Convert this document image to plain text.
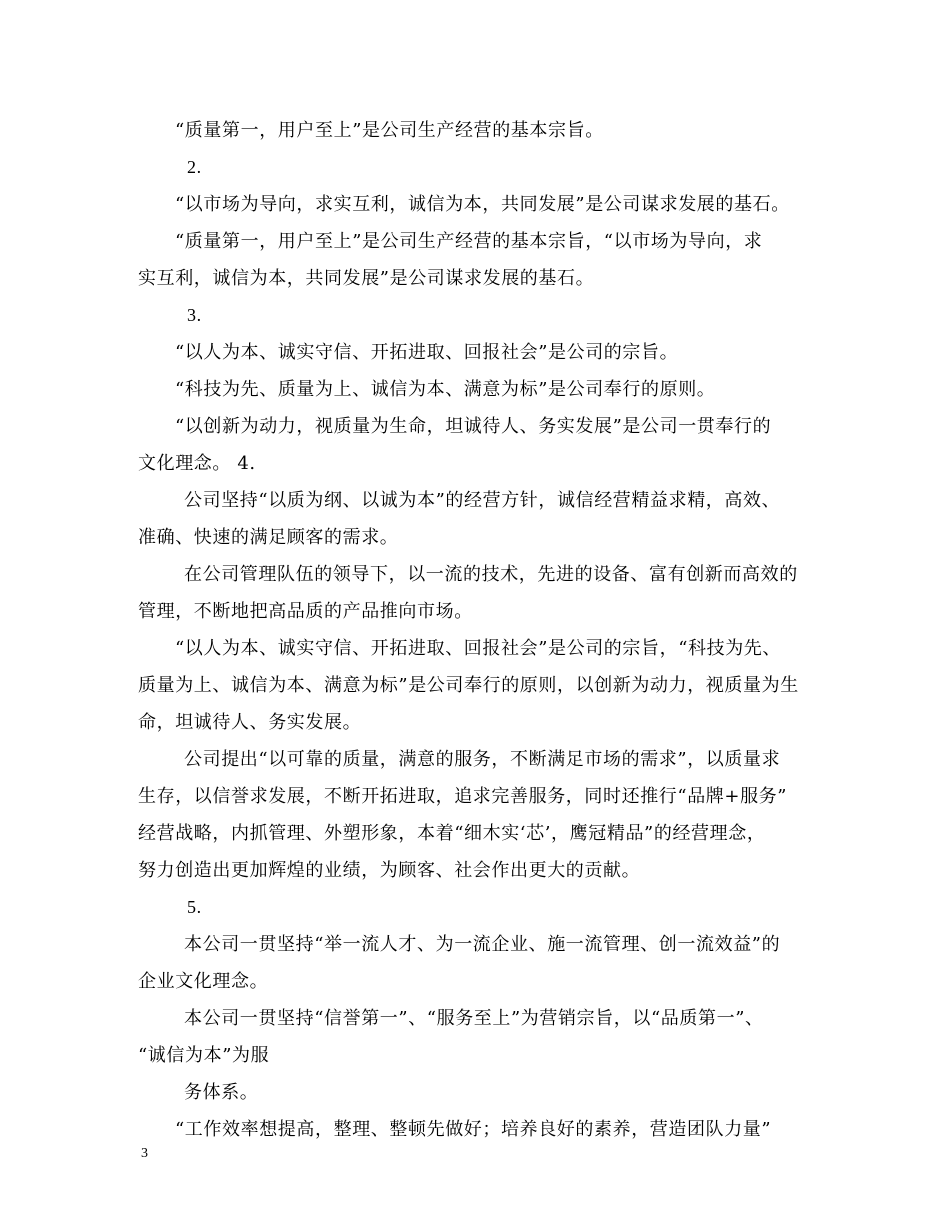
“质量第一，用户至上”是公司生产经营的基本宗旨。
2.
“以市场为导向，求实互利，诚信为本，共同发展”是公司谋求发展的基石。
“质量第一，用户至上”是公司生产经营的基本宗旨，“以市场为导向，求
实互利，诚信为本，共同发展”是公司谋求发展的基石。
3.
“以人为本、诚实守信、开拓进取、回报社会”是公司的宗旨。
“科技为先、质量为上、诚信为本、满意为标”是公司奉行的原则。
“以创新为动力，视质量为生命，坦诚待人、务实发展”是公司一贯奉行的
文化理念。 4.
公司坚持“以质为纲、以诚为本”的经营方针，诚信经营精益求精，高效、
准确、快速的满足顾客的需求。
在公司管理队伍的领导下，以一流的技术，先进的设备、富有创新而高效的
管理，不断地把高品质的产品推向市场。
“以人为本、诚实守信、开拓进取、回报社会”是公司的宗旨，“科技为先、
质量为上、诚信为本、满意为标”是公司奉行的原则，以创新为动力，视质量为生
命，坦诚待人、务实发展。
公司提出“以可靠的质量，满意的服务，不断满足市场的需求”，以质量求
生存，以信誉求发展，不断开拓进取，追求完善服务，同时还推行“品牌+服务”
经营战略，内抓管理、外塑形象，本着“细木实‘芯’，鹰冠精品”的经营理念，
努力创造出更加辉煌的业绩，为顾客、社会作出更大的贡献。
5.
本公司一贯坚持“举一流人才、为一流企业、施一流管理、创一流效益”的
企业文化理念。
本公司一贯坚持“信誉第一”、“服务至上”为营销宗旨，以“品质第一”、
“诚信为本”为服
务体系。
“工作效率想提高，整理、整顿先做好；培养良好的素养，营造团队力量”
3
